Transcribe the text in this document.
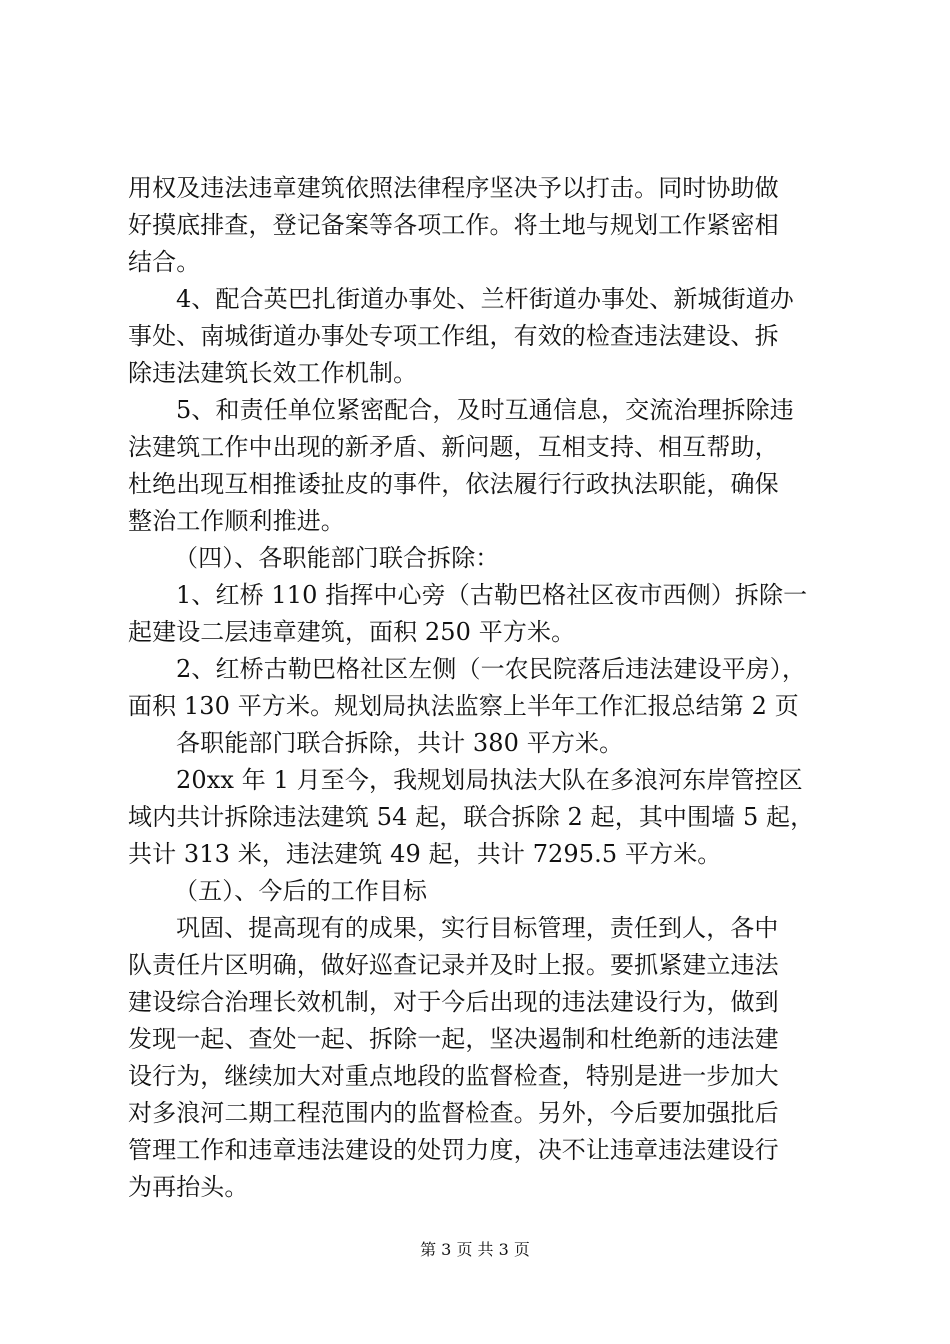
用权及违法违章建筑依照法律程序坚决予以打击。同时协助做
好摸底排查，登记备案等各项工作。将土地与规划工作紧密相
结合。
4、配合英巴扎街道办事处、兰杆街道办事处、新城街道办
事处、南城街道办事处专项工作组，有效的检查违法建设、拆
除违法建筑长效工作机制。
5、和责任单位紧密配合，及时互通信息，交流治理拆除违
法建筑工作中出现的新矛盾、新问题，互相支持、相互帮助，
杜绝出现互相推诿扯皮的事件，依法履行行政执法职能，确保
整治工作顺利推进。
（四）、各职能部门联合拆除：
1、红桥 110 指挥中心旁（古勒巴格社区夜市西侧）拆除一
起建设二层违章建筑，面积 250 平方米。
2、红桥古勒巴格社区左侧（一农民院落后违法建设平房），
面积 130 平方米。规划局执法监察上半年工作汇报总结第 2 页
各职能部门联合拆除，共计 380 平方米。
20xx 年 1 月至今，我规划局执法大队在多浪河东岸管控区
域内共计拆除违法建筑 54 起，联合拆除 2 起，其中围墙 5 起，
共计 313 米，违法建筑 49 起，共计 7295.5 平方米。
（五）、今后的工作目标
巩固、提高现有的成果，实行目标管理，责任到人，各中
队责任片区明确，做好巡查记录并及时上报。要抓紧建立违法
建设综合治理长效机制，对于今后出现的违法建设行为，做到
发现一起、查处一起、拆除一起，坚决遏制和杜绝新的违法建
设行为，继续加大对重点地段的监督检查，特别是进一步加大
对多浪河二期工程范围内的监督检查。另外，今后要加强批后
管理工作和违章违法建设的处罚力度，决不让违章违法建设行
为再抬头。
第 3 页 共 3 页
